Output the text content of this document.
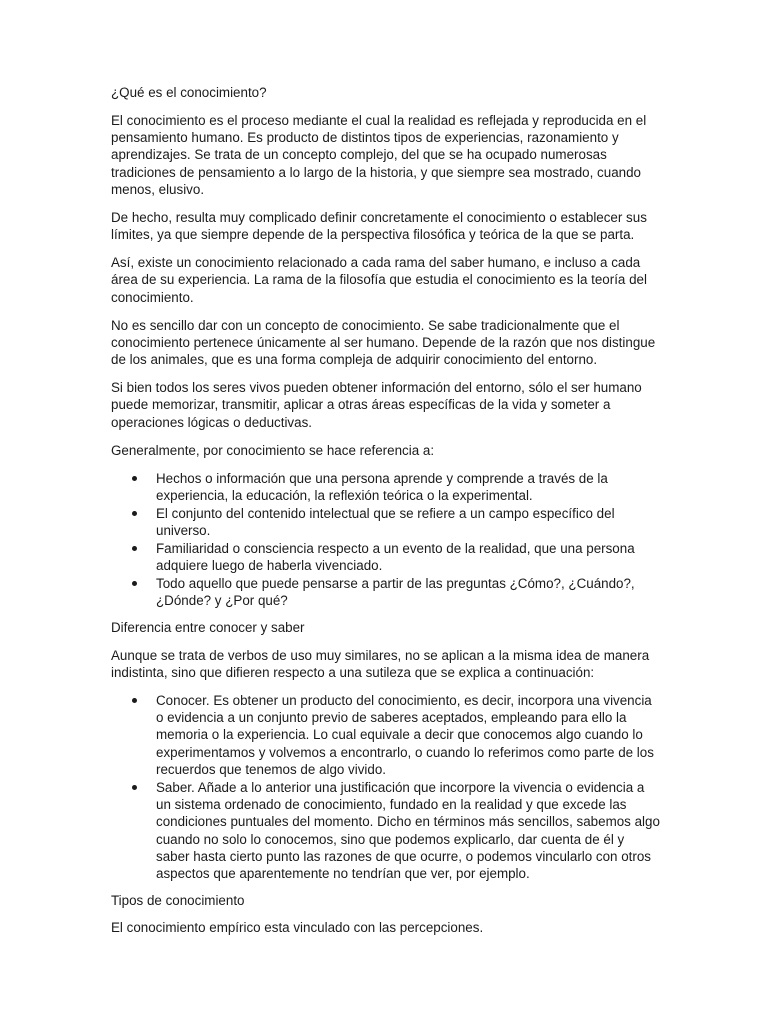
¿Qué es el conocimiento?

El conocimiento es el proceso mediante el cual la realidad es reflejada y reproducida en el pensamiento humano. Es producto de distintos tipos de experiencias, razonamiento y aprendizajes. Se trata de un concepto complejo, del que se ha ocupado numerosas tradiciones de pensamiento a lo largo de la historia, y que siempre sea mostrado, cuando menos, elusivo.

De hecho, resulta muy complicado definir concretamente el conocimiento o establecer sus límites, ya que siempre depende de la perspectiva filosófica y teórica de la que se parta.

Así, existe un conocimiento relacionado a cada rama del saber humano, e incluso a cada área de su experiencia. La rama de la filosofía que estudia el conocimiento es la teoría del conocimiento.

No es sencillo dar con un concepto de conocimiento. Se sabe tradicionalmente que el conocimiento pertenece únicamente al ser humano. Depende de la razón que nos distingue de los animales, que es una forma compleja de adquirir conocimiento del entorno.

Si bien todos los seres vivos pueden obtener información del entorno, sólo el ser humano puede memorizar, transmitir, aplicar a otras áreas específicas de la vida y someter a operaciones lógicas o deductivas.

Generalmente, por conocimiento se hace referencia a:

Hechos o información que una persona aprende y comprende a través de la experiencia, la educación, la reflexión teórica o la experimental.
El conjunto del contenido intelectual que se refiere a un campo específico del universo.
Familiaridad o consciencia respecto a un evento de la realidad, que una persona adquiere luego de haberla vivenciado.
Todo aquello que puede pensarse a partir de las preguntas ¿Cómo?, ¿Cuándo?, ¿Dónde? y ¿Por qué?

Diferencia entre conocer y saber

Aunque se trata de verbos de uso muy similares, no se aplican a la misma idea de manera indistinta, sino que difieren respecto a una sutileza que se explica a continuación:

Conocer. Es obtener un producto del conocimiento, es decir, incorpora una vivencia o evidencia a un conjunto previo de saberes aceptados, empleando para ello la memoria o la experiencia. Lo cual equivale a decir que conocemos algo cuando lo experimentamos y volvemos a encontrarlo, o cuando lo referimos como parte de los recuerdos que tenemos de algo vivido.
Saber. Añade a lo anterior una justificación que incorpore la vivencia o evidencia a un sistema ordenado de conocimiento, fundado en la realidad y que excede las condiciones puntuales del momento. Dicho en términos más sencillos, sabemos algo cuando no solo lo conocemos, sino que podemos explicarlo, dar cuenta de él y saber hasta cierto punto las razones de que ocurre, o podemos vincularlo con otros aspectos que aparentemente no tendrían que ver, por ejemplo.

Tipos de conocimiento

El conocimiento empírico esta vinculado con las percepciones.
